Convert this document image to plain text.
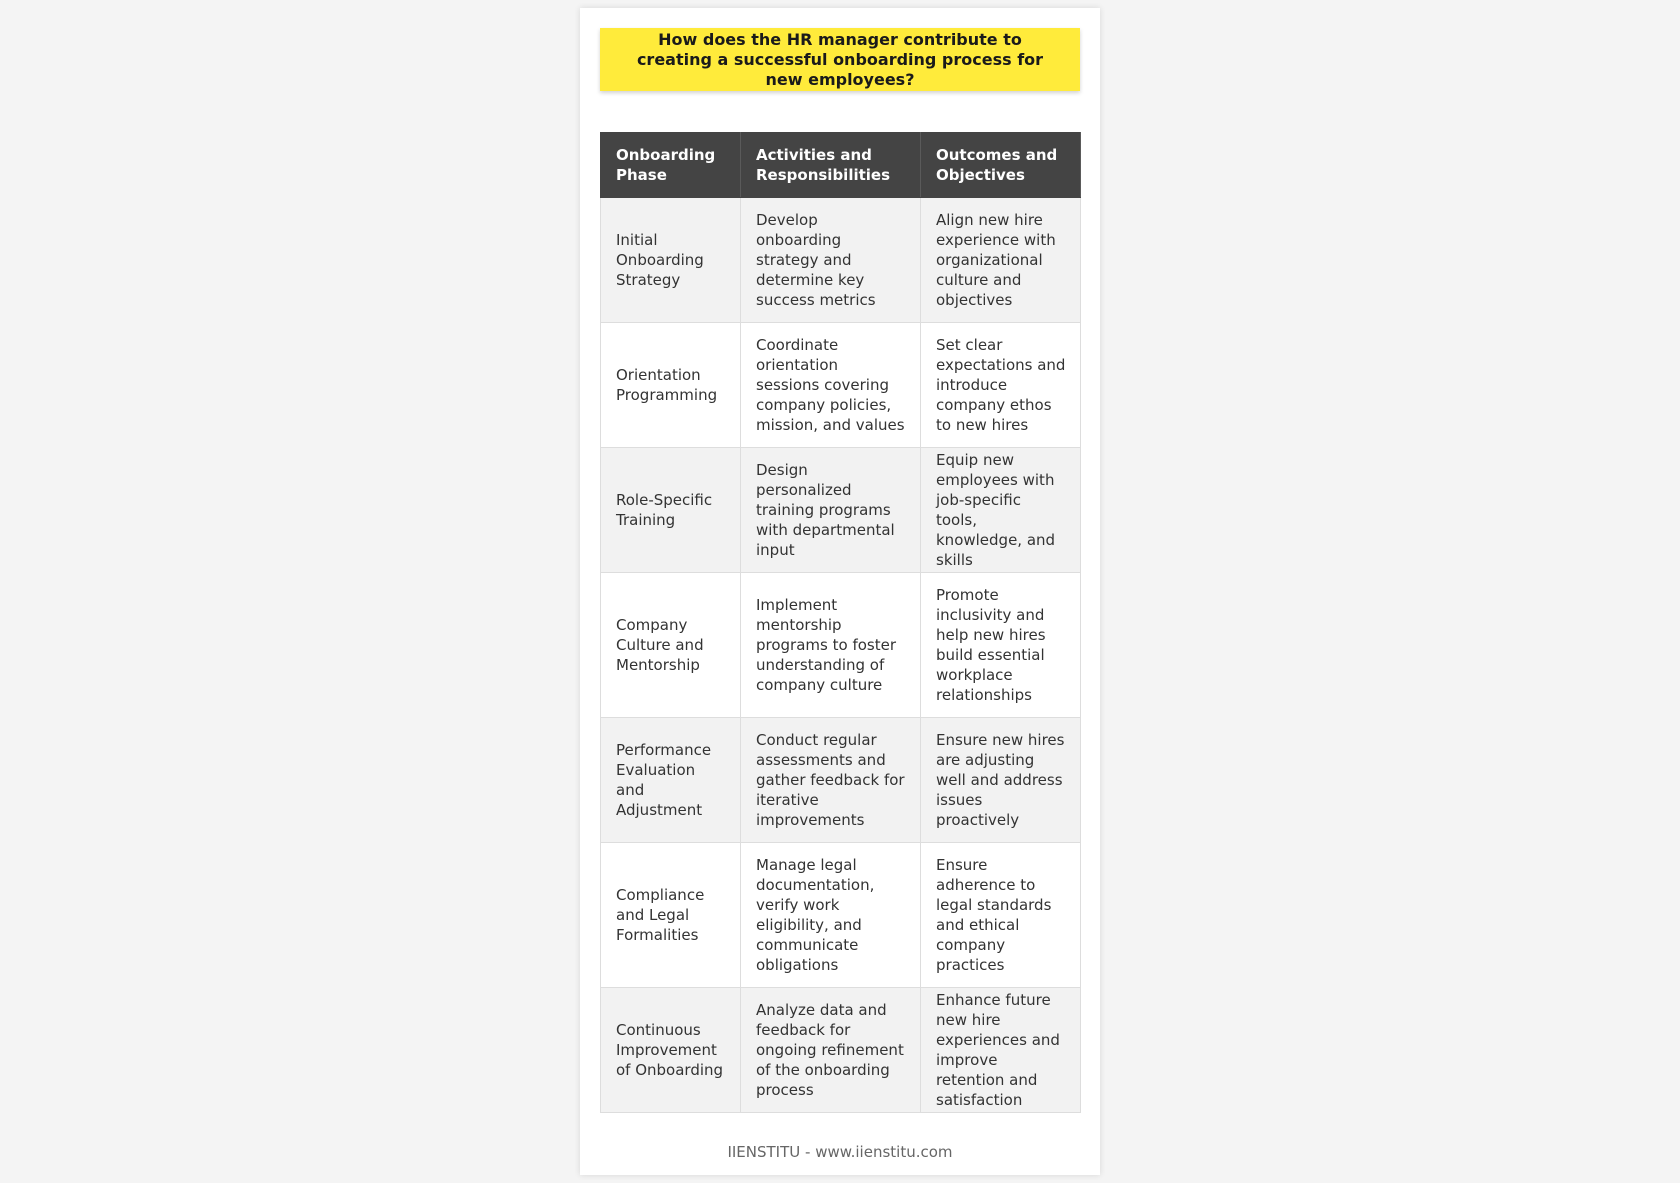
How does the HR manager contribute to creating a successful onboarding process for new employees?
Onboarding Phase	Activities and Responsibilities	Outcomes and Objectives
Initial Onboarding Strategy	Develop onboarding strategy and determine key success metrics	Align new hire experience with organizational culture and objectives
Orientation Programming	Coordinate orientation sessions covering company policies, mission, and values	Set clear expectations and introduce company ethos to new hires
Role-Specific Training	Design personalized training programs with departmental input	Equip new employees with job-specific tools, knowledge, and skills
Company Culture and Mentorship	Implement mentorship programs to foster understanding of company culture	Promote inclusivity and help new hires build essential workplace relationships
Performance Evaluation and Adjustment	Conduct regular assessments and gather feedback for iterative improvements	Ensure new hires are adjusting well and address issues proactively
Compliance and Legal Formalities	Manage legal documentation, verify work eligibility, and communicate obligations	Ensure adherence to legal standards and ethical company practices
Continuous Improvement of Onboarding	Analyze data and feedback for ongoing refinement of the onboarding process	Enhance future new hire experiences and improve retention and satisfaction
IIENSTITU - www.iienstitu.com
